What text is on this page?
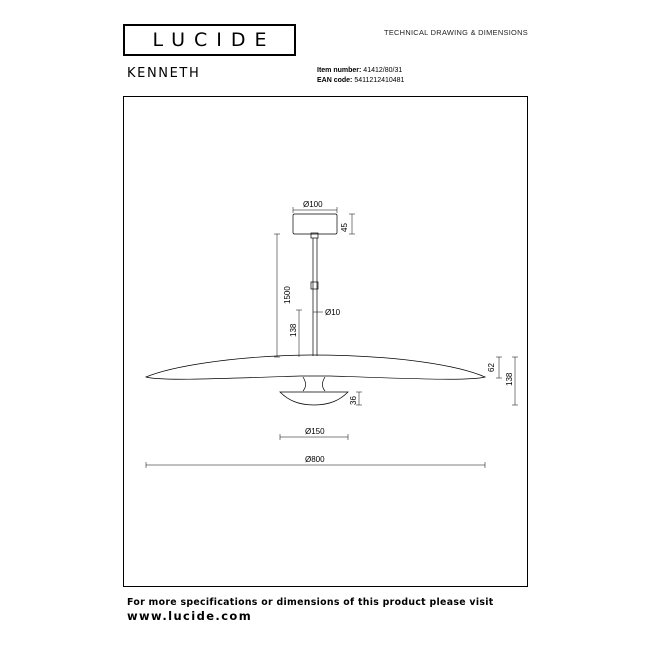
LUCIDE	TECHNICAL DRAWING & DIMENSIONS
KENNETH	Item number: 41412/80/31
EAN code: 5411212410481
Ø100
45
1500
Ø10
138
62
138
36
Ø150
Ø800
For more specifications or dimensions of this product please visit
www.lucide.com
